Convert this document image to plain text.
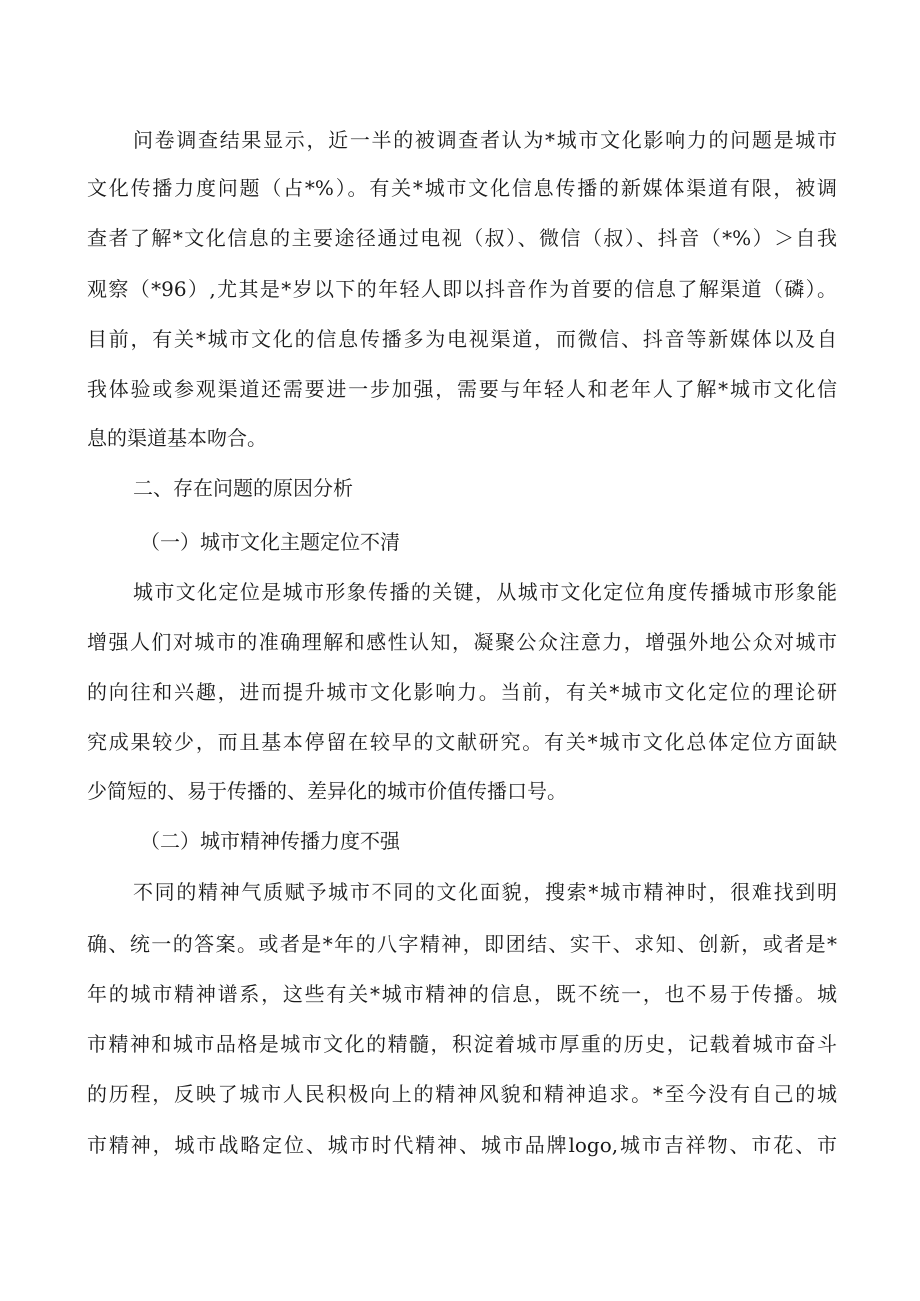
问卷调查结果显示，近一半的被调查者认为*城市文化影响力的问题是城市
文化传播力度问题（占*%）。有关*城市文化信息传播的新媒体渠道有限，被调
查者了解*文化信息的主要途径通过电视（叔）、微信（叔）、抖音（*%）＞自我
观察（*96）,尤其是*岁以下的年轻人即以抖音作为首要的信息了解渠道（磷）。
目前，有关*城市文化的信息传播多为电视渠道，而微信、抖音等新媒体以及自
我体验或参观渠道还需要进一步加强，需要与年轻人和老年人了解*城市文化信
息的渠道基本吻合。
二、存在问题的原因分析
（一）城市文化主题定位不清
城市文化定位是城市形象传播的关键，从城市文化定位角度传播城市形象能
增强人们对城市的准确理解和感性认知，凝聚公众注意力，增强外地公众对城市
的向往和兴趣，进而提升城市文化影响力。当前，有关*城市文化定位的理论研
究成果较少，而且基本停留在较早的文献研究。有关*城市文化总体定位方面缺
少简短的、易于传播的、差异化的城市价值传播口号。
（二）城市精神传播力度不强
不同的精神气质赋予城市不同的文化面貌，搜索*城市精神时，很难找到明
确、统一的答案。或者是*年的八字精神，即团结、实干、求知、创新，或者是*
年的城市精神谱系，这些有关*城市精神的信息，既不统一，也不易于传播。城
市精神和城市品格是城市文化的精髓，积淀着城市厚重的历史，记载着城市奋斗
的历程，反映了城市人民积极向上的精神风貌和精神追求。*至今没有自己的城
市精神，城市战略定位、城市时代精神、城市品牌logo,城市吉祥物、市花、市
